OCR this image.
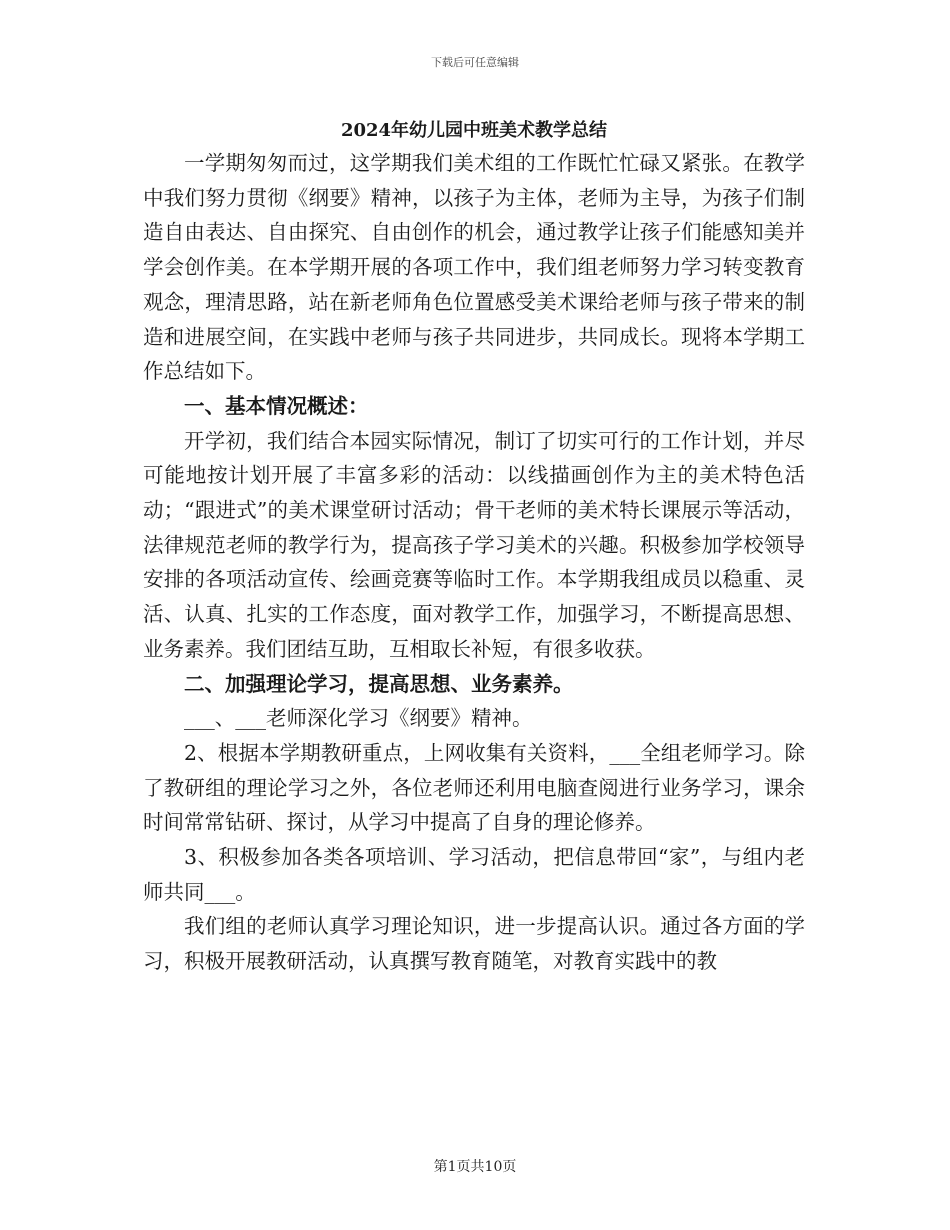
下载后可任意编辑
2024年幼儿园中班美术教学总结
一学期匆匆而过，这学期我们美术组的工作既忙忙碌又紧张。在教学中我们努力贯彻《纲要》精神，以孩子为主体，老师为主导，为孩子们制造自由表达、自由探究、自由创作的机会，通过教学让孩子们能感知美并学会创作美。在本学期开展的各项工作中，我们组老师努力学习转变教育观念，理清思路，站在新老师角色位置感受美术课给老师与孩子带来的制造和进展空间，在实践中老师与孩子共同进步，共同成长。现将本学期工作总结如下。
一、基本情况概述：
开学初，我们结合本园实际情况，制订了切实可行的工作计划，并尽可能地按计划开展了丰富多彩的活动：以线描画创作为主的美术特色活动；“跟进式”的美术课堂研讨活动；骨干老师的美术特长课展示等活动，法律规范老师的教学行为，提高孩子学习美术的兴趣。积极参加学校领导安排的各项活动宣传、绘画竞赛等临时工作。本学期我组成员以稳重、灵活、认真、扎实的工作态度，面对教学工作，加强学习，不断提高思想、业务素养。我们团结互助，互相取长补短，有很多收获。
二、加强理论学习，提高思想、业务素养。
___、___老师深化学习《纲要》精神。
2、根据本学期教研重点，上网收集有关资料，___全组老师学习。除了教研组的理论学习之外，各位老师还利用电脑查阅进行业务学习，课余时间常常钻研、探讨，从学习中提高了自身的理论修养。
3、积极参加各类各项培训、学习活动，把信息带回“家”，与组内老师共同___。
我们组的老师认真学习理论知识，进一步提高认识。通过各方面的学习，积极开展教研活动，认真撰写教育随笔，对教育实践中的教
第1页共10页
